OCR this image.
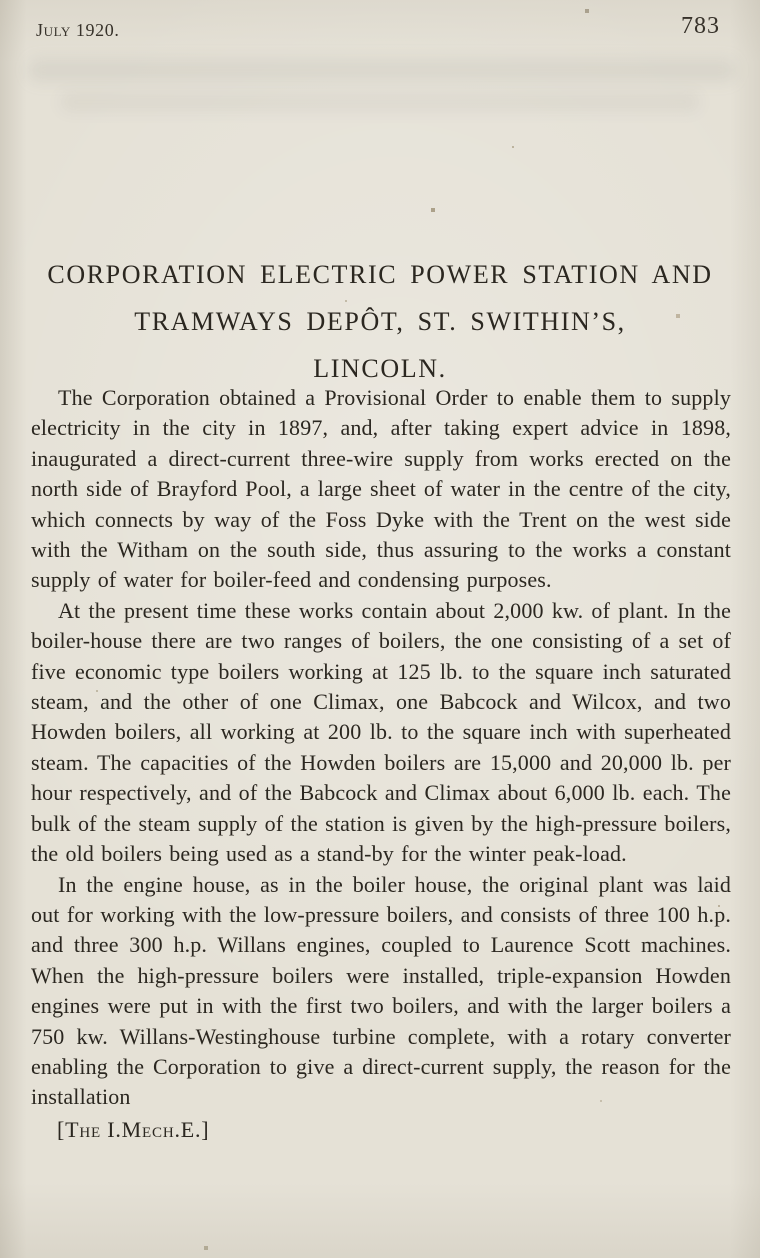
July 1920.	783
CORPORATION ELECTRIC POWER STATION AND
TRAMWAYS DEPÔT, ST. SWITHIN’S,
LINCOLN.

The Corporation obtained a Provisional Order to enable them to supply electricity in the city in 1897, and, after taking expert advice in 1898, inaugurated a direct-current three-wire supply from works erected on the north side of Brayford Pool, a large sheet of water in the centre of the city, which connects by way of the Foss Dyke with the Trent on the west side with the Witham on the south side, thus assuring to the works a constant supply of water for boiler-feed and condensing purposes.

At the present time these works contain about 2,000 kw. of plant. In the boiler-house there are two ranges of boilers, the one consisting of a set of five economic type boilers working at 125 lb. to the square inch saturated steam, and the other of one Climax, one Babcock and Wilcox, and two Howden boilers, all working at 200 lb. to the square inch with superheated steam. The capacities of the Howden boilers are 15,000 and 20,000 lb. per hour respectively, and of the Babcock and Climax about 6,000 lb. each. The bulk of the steam supply of the station is given by the high-pressure boilers, the old boilers being used as a stand-by for the winter peak-load.

In the engine house, as in the boiler house, the original plant was laid out for working with the low-pressure boilers, and consists of three 100 h.p. and three 300 h.p. Willans engines, coupled to Laurence Scott machines. When the high-pressure boilers were installed, triple-expansion Howden engines were put in with the first two boilers, and with the larger boilers a 750 kw. Willans-Westinghouse turbine complete, with a rotary converter enabling the Corporation to give a direct-current supply, the reason for the installation

[The I.Mech.E.]
